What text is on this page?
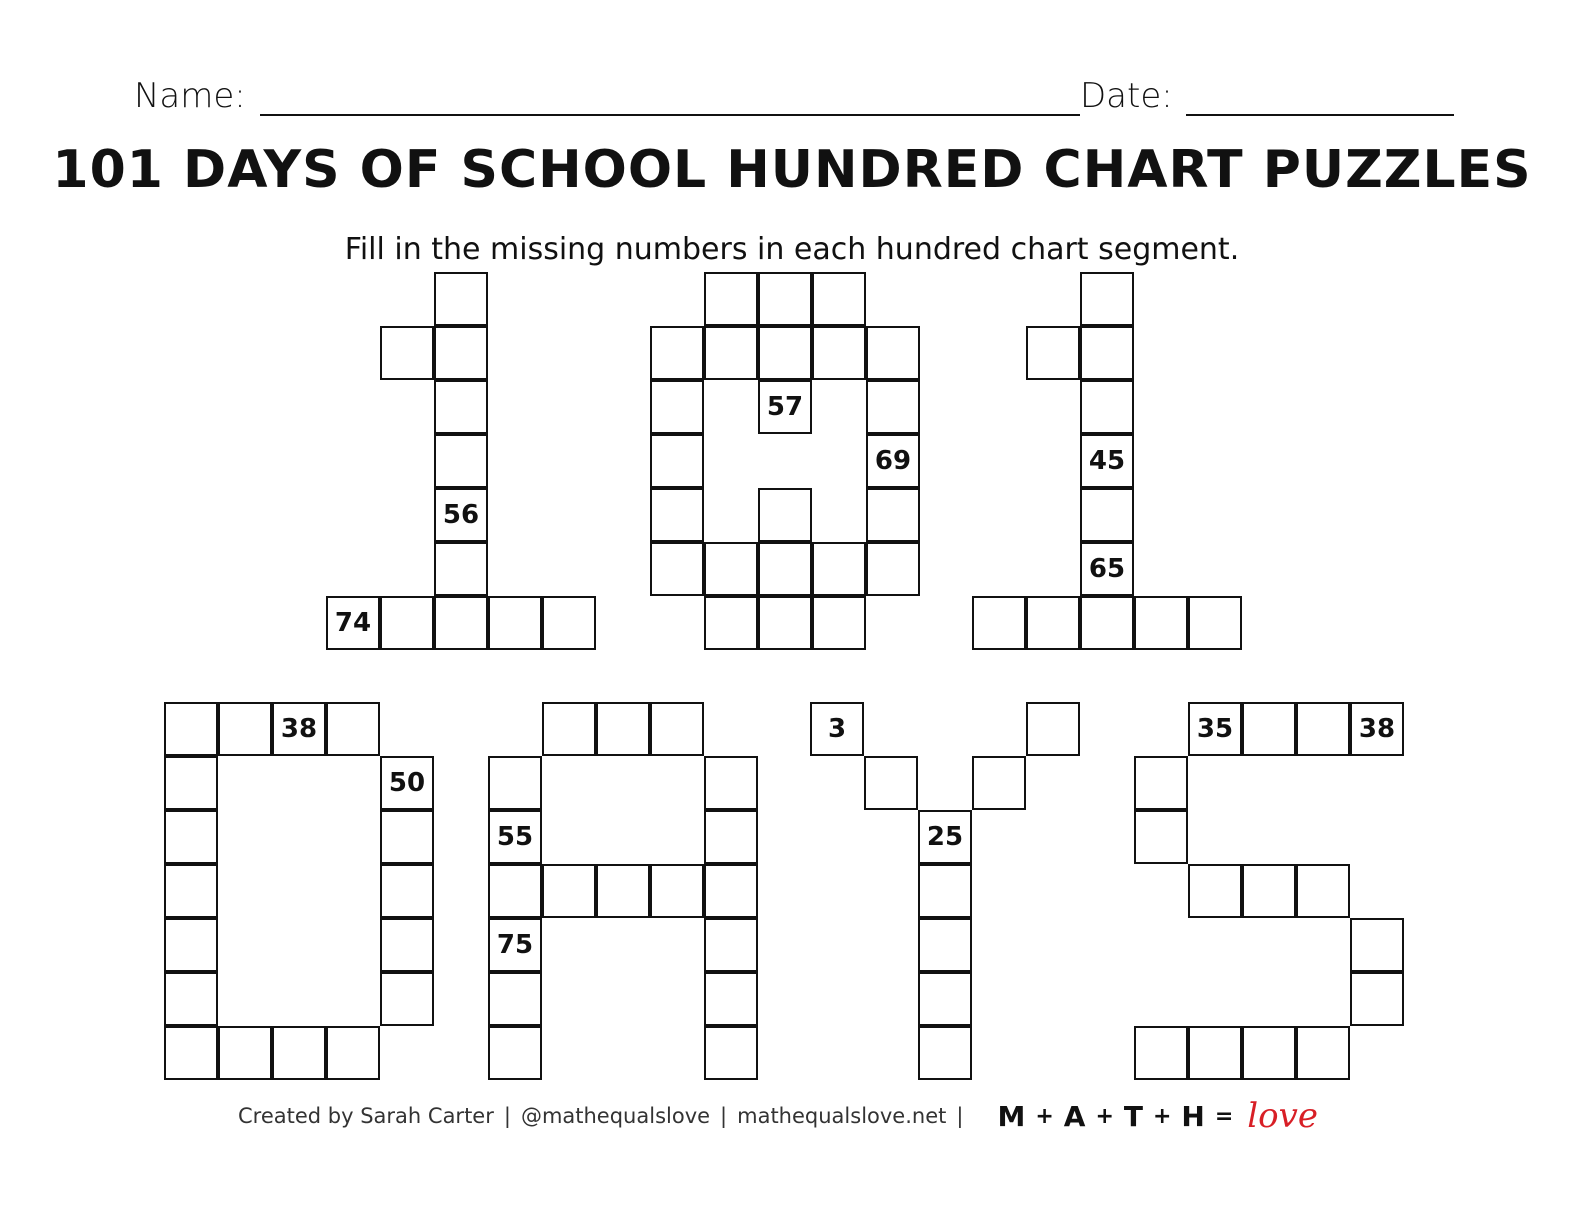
Name:	Date:
101 DAYS OF SCHOOL HUNDRED CHART PUZZLES
Fill in the missing numbers in each hundred chart segment.
56
74
57
69	45
65
38
50
55
75
3
25
35	38
Created by Sarah Carter | @mathequalslove | mathequalslove.net | M + A + T + H = love
